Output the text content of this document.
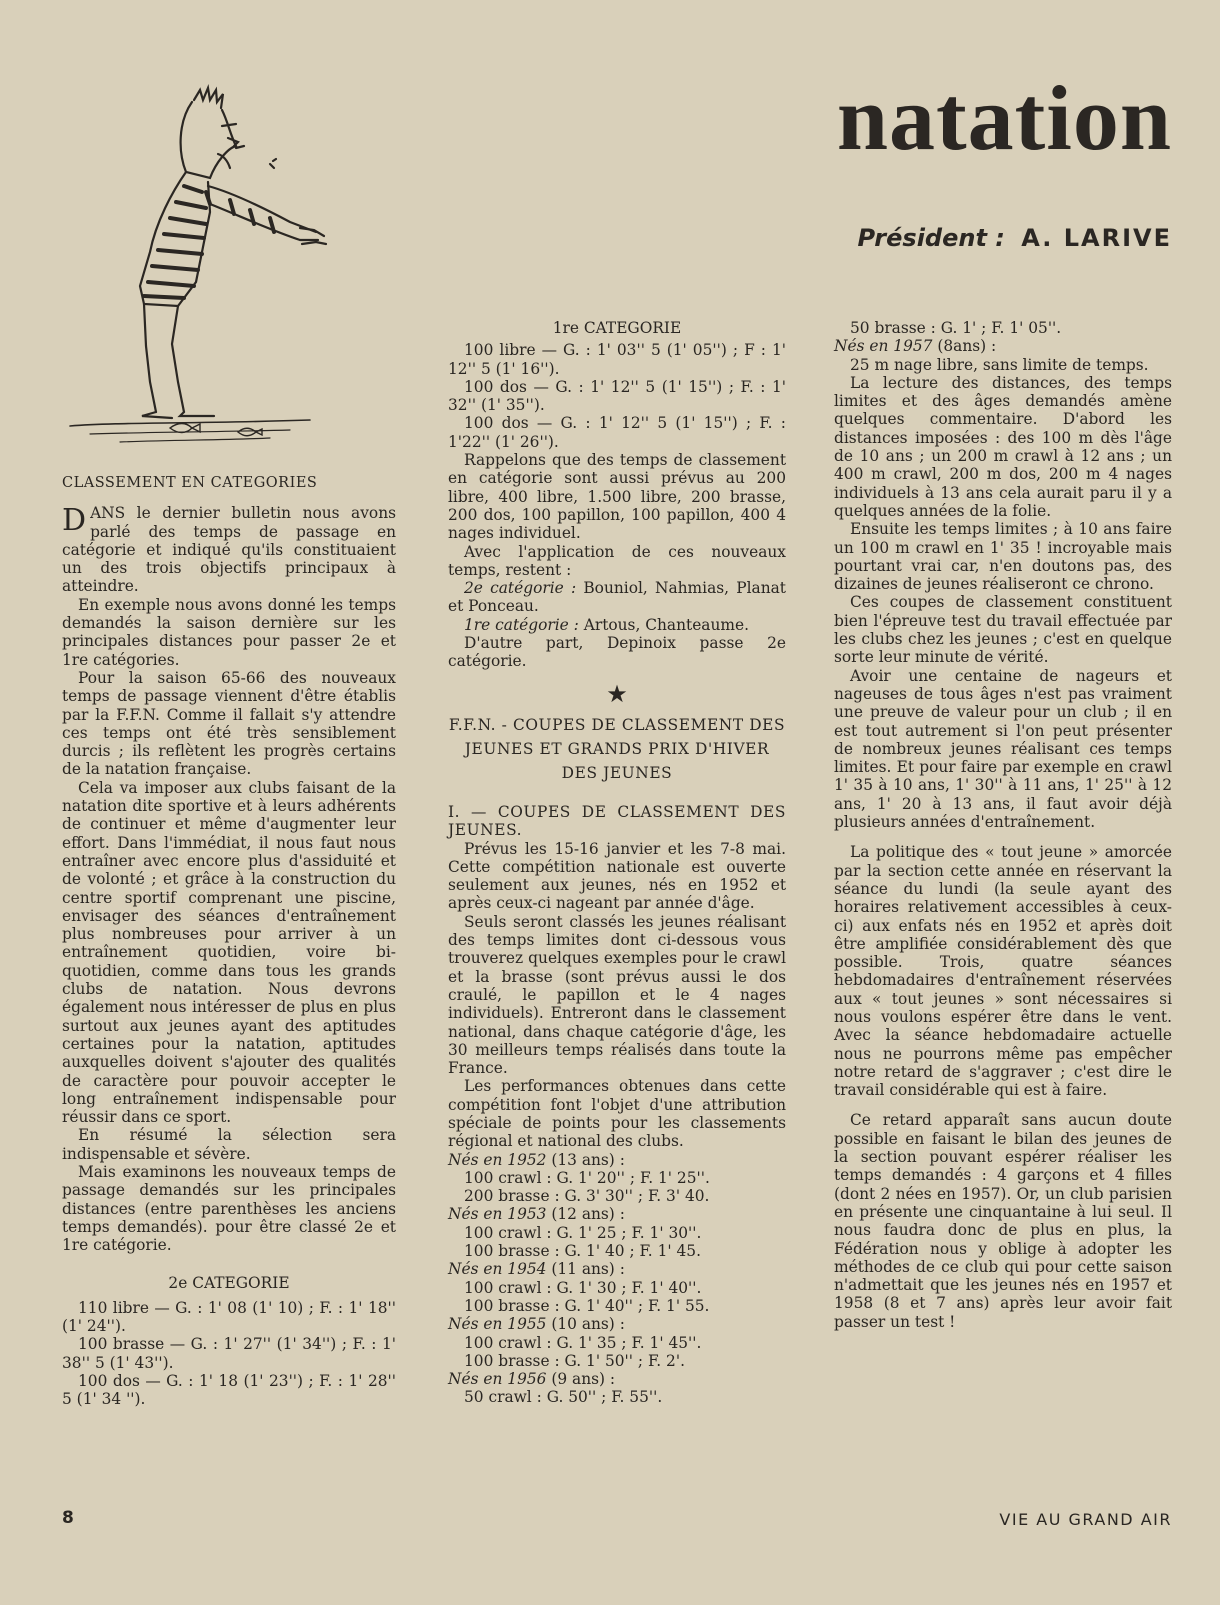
natation
Président : A. LARIVE

CLASSEMENT EN CATEGORIES

DANS le dernier bulletin nous avons parlé des temps de passage en catégorie et indiqué qu'ils constituaient un des trois objectifs principaux à atteindre.

En exemple nous avons donné les temps demandés la saison dernière sur les principales distances pour passer 2e et 1re catégories.

Pour la saison 65-66 des nouveaux temps de passage viennent d'être établis par la F.F.N. Comme il fallait s'y attendre ces temps ont été très sensiblement durcis ; ils reflètent les progrès certains de la natation française.

Cela va imposer aux clubs faisant de la natation dite sportive et à leurs adhérents de continuer et même d'augmenter leur effort. Dans l'immédiat, il nous faut nous entraîner avec encore plus d'assiduité et de volonté ; et grâce à la construction du centre sportif comprenant une piscine, envisager des séances d'entraînement plus nombreuses pour arriver à un entraînement quotidien, voire bi-quotidien, comme dans tous les grands clubs de natation. Nous devrons également nous intéresser de plus en plus surtout aux jeunes ayant des aptitudes certaines pour la natation, aptitudes auxquelles doivent s'ajouter des qualités de caractère pour pouvoir accepter le long entraînement indispensable pour réussir dans ce sport.

En résumé la sélection sera indispensable et sévère.

Mais examinons les nouveaux temps de passage demandés sur les principales distances (entre parenthèses les anciens temps demandés). pour être classé 2e et 1re catégorie.

2e CATEGORIE

110 libre — G. : 1' 08 (1' 10) ; F. : 1' 18'' (1' 24'').

100 brasse — G. : 1' 27'' (1' 34'') ; F. : 1' 38'' 5 (1' 43'').

100 dos — G. : 1' 18 (1' 23'') ; F. : 1' 28'' 5 (1' 34 '').

1re CATEGORIE

100 libre — G. : 1' 03'' 5 (1' 05'') ; F : 1' 12'' 5 (1' 16'').

100 dos — G. : 1' 12'' 5 (1' 15'') ; F. : 1' 32'' (1' 35'').

100 dos — G. : 1' 12'' 5 (1' 15'') ; F. : 1'22'' (1' 26'').

Rappelons que des temps de classement en catégorie sont aussi prévus au 200 libre, 400 libre, 1.500 libre, 200 brasse, 200 dos, 100 papillon, 100 papillon, 400 4 nages individuel.

Avec l'application de ces nouveaux temps, restent :

2e catégorie : Bouniol, Nahmias, Planat et Ponceau.

1re catégorie : Artous, Chanteaume.

D'autre part, Depinoix passe 2e catégorie.

★

F.F.N. - COUPES DE CLASSEMENT DES JEUNES ET GRANDS PRIX D'HIVER DES JEUNES

I. — COUPES DE CLASSEMENT DES JEUNES.

Prévus les 15-16 janvier et les 7-8 mai. Cette compétition nationale est ouverte seulement aux jeunes, nés en 1952 et après ceux-ci nageant par année d'âge.

Seuls seront classés les jeunes réalisant des temps limites dont ci-dessous vous trouverez quelques exemples pour le crawl et la brasse (sont prévus aussi le dos craulé, le papillon et le 4 nages individuels). Entreront dans le classement national, dans chaque catégorie d'âge, les 30 meilleurs temps réalisés dans toute la France.

Les performances obtenues dans cette compétition font l'objet d'une attribution spéciale de points pour les classements régional et national des clubs.

Nés en 1952 (13 ans) :

100 crawl : G. 1' 20'' ; F. 1' 25''.

200 brasse : G. 3' 30'' ; F. 3' 40.

Nés en 1953 (12 ans) :

100 crawl : G. 1' 25 ; F. 1' 30''.

100 brasse : G. 1' 40 ; F. 1' 45.

Nés en 1954 (11 ans) :

100 crawl : G. 1' 30 ; F. 1' 40''.

100 brasse : G. 1' 40'' ; F. 1' 55.

Nés en 1955 (10 ans) :

100 crawl : G. 1' 35 ; F. 1' 45''.

100 brasse : G. 1' 50'' ; F. 2'.

Nés en 1956 (9 ans) :

50 crawl : G. 50'' ; F. 55''.

50 brasse : G. 1' ; F. 1' 05''.

Nés en 1957 (8ans) :

25 m nage libre, sans limite de temps.

La lecture des distances, des temps limites et des âges demandés amène quelques commentaire. D'abord les distances imposées : des 100 m dès l'âge de 10 ans ; un 200 m crawl à 12 ans ; un 400 m crawl, 200 m dos, 200 m 4 nages individuels à 13 ans cela aurait paru il y a quelques années de la folie.

Ensuite les temps limites ; à 10 ans faire un 100 m crawl en 1' 35 ! incroyable mais pourtant vrai car, n'en doutons pas, des dizaines de jeunes réaliseront ce chrono.

Ces coupes de classement constituent bien l'épreuve test du travail effectuée par les clubs chez les jeunes ; c'est en quelque sorte leur minute de vérité.

Avoir une centaine de nageurs et nageuses de tous âges n'est pas vraiment une preuve de valeur pour un club ; il en est tout autrement si l'on peut présenter de nombreux jeunes réalisant ces temps limites. Et pour faire par exemple en crawl 1' 35 à 10 ans, 1' 30'' à 11 ans, 1' 25'' à 12 ans, 1' 20 à 13 ans, il faut avoir déjà plusieurs années d'entraînement.

La politique des « tout jeune » amorcée par la section cette année en réservant la séance du lundi (la seule ayant des horaires relativement accessibles à ceux-ci) aux enfats nés en 1952 et après doit être amplifiée considérablement dès que possible. Trois, quatre séances hebdomadaires d'entraînement réservées aux « tout jeunes » sont nécessaires si nous voulons espérer être dans le vent. Avec la séance hebdomadaire actuelle nous ne pourrons même pas empêcher notre retard de s'aggraver ; c'est dire le travail considérable qui est à faire.

Ce retard apparaît sans aucun doute possible en faisant le bilan des jeunes de la section pouvant espérer réaliser les temps demandés : 4 garçons et 4 filles (dont 2 nées en 1957). Or, un club parisien en présente une cinquantaine à lui seul. Il nous faudra donc de plus en plus, la Fédération nous y oblige à adopter les méthodes de ce club qui pour cette saison n'admettait que les jeunes nés en 1957 et 1958 (8 et 7 ans) après leur avoir fait passer un test !

8	VIE AU GRAND AIR
